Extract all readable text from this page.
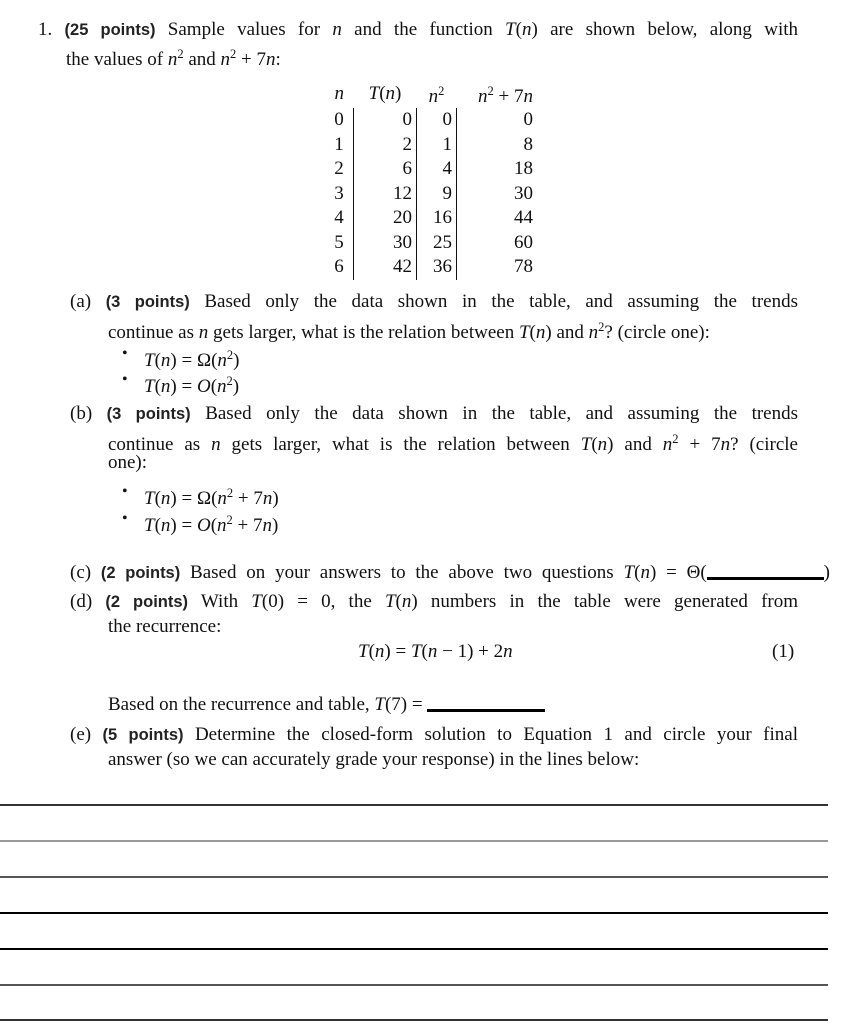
1. (25 points) Sample values for n and the function T(n) are shown below, along with
the values of $n^2$ and $n^2 + 7n$:
n	T(n)	$n^2$	$n^2 + 7n$
0	0	0	0
1	2	1	8
2	6	4	18
3	12	9	30
4	20	16	44
5	30	25	60
6	42	36	78
(a) (3 points) Based only the data shown in the table, and assuming the trends
continue as n gets larger, what is the relation between T(n) and $n^2$? (circle one):
• $T(n) = \Omega(n^2)$
• $T(n) = O(n^2)$
(b) (3 points) Based only the data shown in the table, and assuming the trends
continue as n gets larger, what is the relation between T(n) and $n^2 + 7n$? (circle
one):
• $T(n) = \Omega(n^2 + 7n)$
• $T(n) = O(n^2 + 7n)$
(c) (2 points) Based on your answers to the above two questions T(n) = Θ(	)
(d) (2 points) With T(0) = 0, the T(n) numbers in the table were generated from
the recurrence:
T(n) = T(n − 1) + 2n	(1)
Based on the recurrence and table, T(7) =
(e) (5 points) Determine the closed-form solution to Equation 1 and circle your final
answer (so we can accurately grade your response) in the lines below:
